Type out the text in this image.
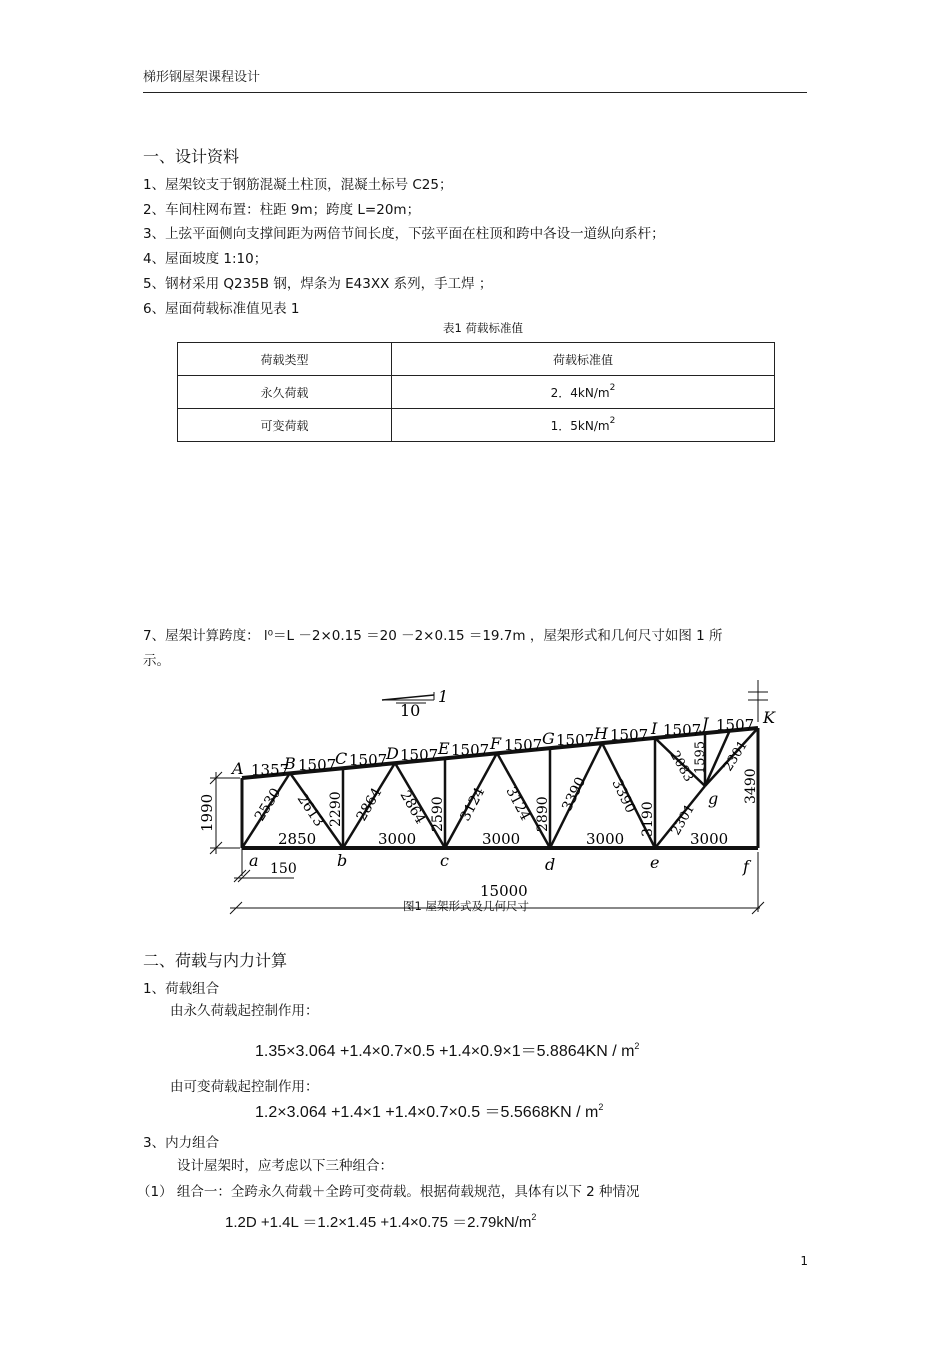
梯形钢屋架课程设计
一、设计资料
1、屋架铰支于钢筋混凝土柱顶，混凝土标号 C25；
2、车间柱网布置：柱距 9m；跨度 L=20m；
3、上弦平面侧向支撑间距为两倍节间长度，下弦平面在柱顶和跨中各设一道纵向系杆；
4、屋面坡度 1:10；
5、钢材采用 Q235B 钢，焊条为 E43XX 系列，手工焊 ；
6、屋面荷载标准值见表 1
表1 荷载标准值
荷载类型	荷载标准值
永久荷载	2．$4kN/m^2$
可变荷载	1．$5kN/m^2$
7、屋架计算跨度： l⁰＝L －2×0.15 ＝20 －2×0.15 ＝19.7m ，屋架形式和几何尺寸如图 1 所
示。
1
10
A	B C D E	F	G H	I	J	K
1357 1507 1507 1507 1507 1507 1507 1507 1507 1507
2850	3000	3000	3000	3000
2530 2613 2290 2864 2864 2590 3124 3124 2890
3390 3390
3190
2083
1595
2301
2301
3490
g
a	b	c	d	e	f
1990
150
15000
图1 屋架形式及几何尺寸
二、荷载与内力计算
1、荷载组合
由永久荷载起控制作用：
$1.35\times 3.064 +1.4\times 0.7\times 0.5 +1.4\times 0.9\times 1=5.8864KN / m^2$
由可变荷载起控制作用：
$1.2\times 3.064 +1.4\times 1 +1.4\times 0.7\times 0.5 =5.5668KN / m^2$
3、内力组合
设计屋架时，应考虑以下三种组合：
（1） 组合一：全跨永久荷载＋全跨可变荷载。根据荷载规范，具体有以下 2 种情况
$1.2D +1.4L =1.2\times 1.45 +1.4\times 0.75 =2.79kN/m^2$
1
